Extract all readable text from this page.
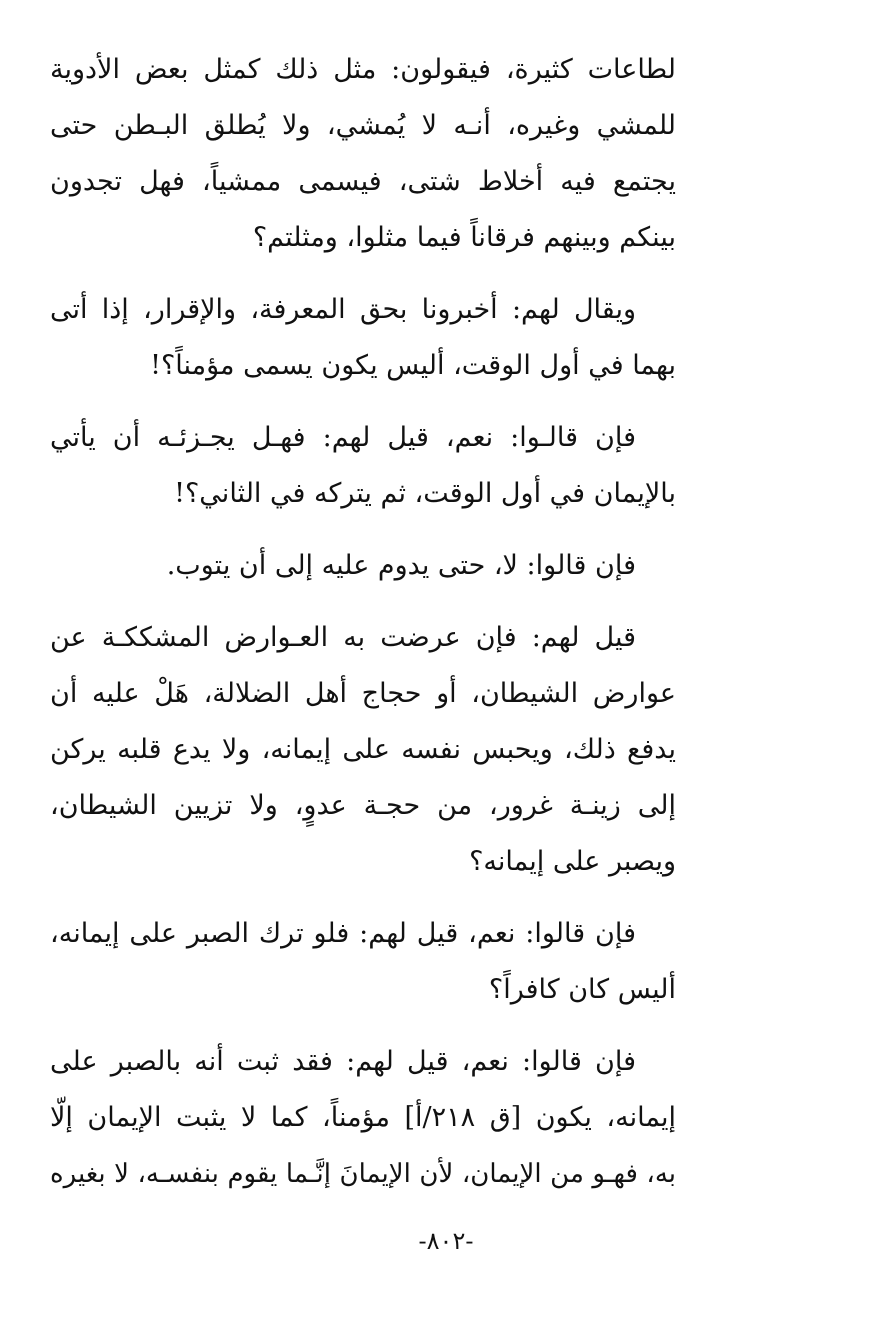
لطاعات كثيرة، فيقولون: مثل ذلك كمثل بعض الأدوية
للمشي وغيره، أنـه لا يُمشي، ولا يُطلق البـطن حتى
يجتمع فيه أخلاط شتى، فيسمى ممشياً، فهل تجدون
بينكم وبينهم فرقاناً فيما مثلوا، ومثلتم؟
ويقال لهم: أخبرونا بحق المعرفة، والإقرار، إذا أتى
بهما في أول الوقت، أليس يكون يسمى مؤمناً؟!
فإن قالـوا: نعم، قيل لهم: فهـل يجـزئـه أن يأتي
بالإيمان في أول الوقت، ثم يتركه في الثاني؟!
فإن قالوا: لا، حتى يدوم عليه إلى أن يتوب.
قيل لهم: فإن عرضت به العـوارض المشككـة عن
عوارض الشيطان، أو حجاج أهل الضلالة، هَلْ عليه أن
يدفع ذلك، ويحبس نفسه على إيمانه، ولا يدع قلبه يركن
إلى زينـة غرور، من حجـة عدوٍ، ولا تزيين الشيطان،
ويصبر على إيمانه؟
فإن قالوا: نعم، قيل لهم: فلو ترك الصبر على إيمانه،
أليس كان كافراً؟
فإن قالوا: نعم، قيل لهم: فقد ثبت أنه بالصبر على
إيمانه، يكون [ق ٢١٨/أ] مؤمناً، كما لا يثبت الإيمان إلّا
به، فهـو من الإيمان، لأن الإيمانَ إنَّـما يقوم بنفسـه، لا بغيره
-٨٠٢-
